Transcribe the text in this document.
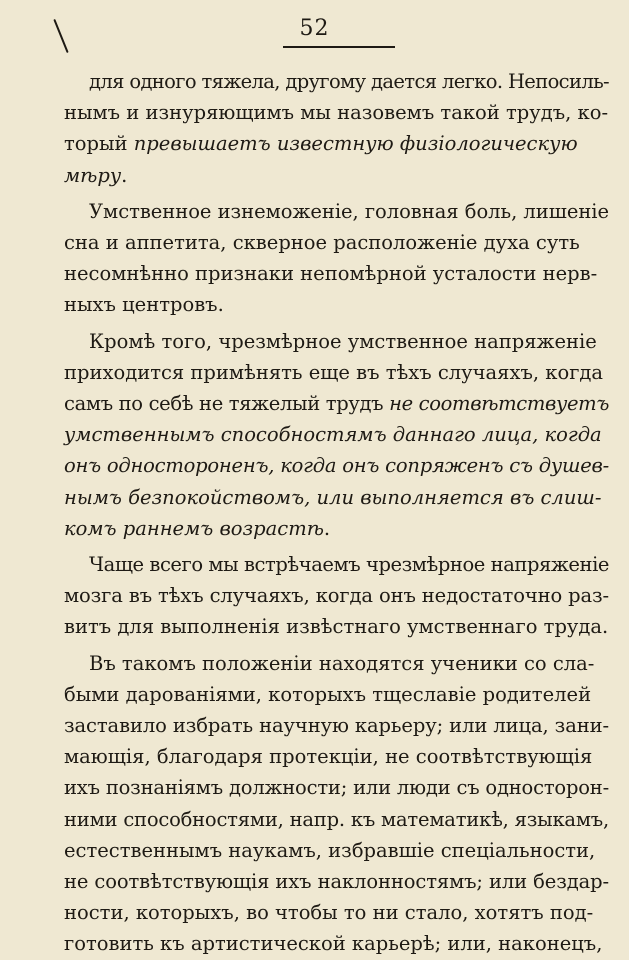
52
для одного тяжела, другому дается легко. Непосиль-
нымъ и изнуряющимъ мы назовемъ такой трудъ, ко-
торый превышаетъ известную физiологическую
мѣру.
Умственное изнеможенiе, головная боль, лишенiе
сна и аппетита, скверное расположенiе духа суть
несомнѣнно признаки непомѣрной усталости нерв-
ныхъ центровъ.
Кромѣ того, чрезмѣрное умственное напряженiе
приходится примѣнять еще въ тѣхъ случаяхъ, когда
самъ по себѣ не тяжелый трудъ не соотвѣтствуетъ
умственнымъ способностямъ даннаго лица, когда
онъ одностороненъ, когда онъ сопряженъ съ душев-
нымъ безпокойствомъ, или выполняется въ слиш-
комъ раннемъ возрастѣ.
Чаще всего мы встрѣчаемъ чрезмѣрное напряженiе
мозга въ тѣхъ случаяхъ, когда онъ недостаточно раз-
витъ для выполненiя извѣстнаго умственнаго труда.
Въ такомъ положенiи находятся ученики со сла-
быми дарованiями, которыхъ тщеславiе родителей
заставило избрать научную карьеру; или лица, зани-
мающiя, благодаря протекцiи, не соотвѣтствующiя
ихъ познанiямъ должности; или люди съ односторон-
ними способностями, напр. къ математикѣ, языкамъ,
естественнымъ наукамъ, избравшiе спецiальности,
не соотвѣтствующiя ихъ наклонностямъ; или бездар-
ности, которыхъ, во чтобы то ни стало, хотятъ под-
готовить къ артистической карьерѣ; или, наконецъ,
